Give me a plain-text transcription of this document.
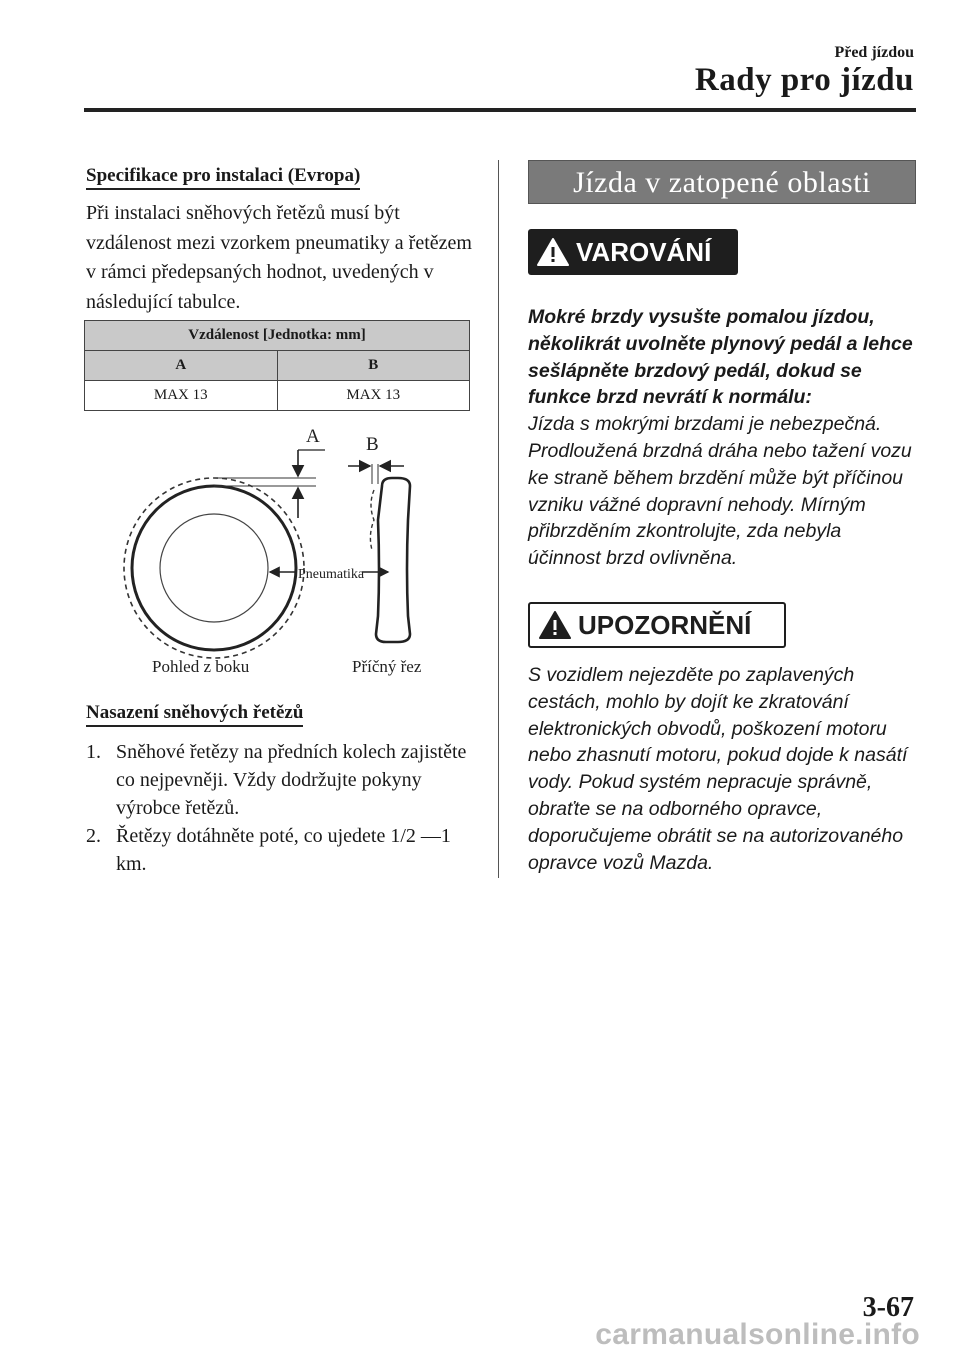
Před jízdou
Rady pro jízdu
Specifikace pro instalaci (Evropa)
Při instalaci sněhových řetězů musí být vzdálenost mezi vzorkem pneumatiky a řetězem v rámci předepsaných hodnot, uvedených v následující tabulce.
Vzdálenost [Jednotka: mm]	
A	B
MAX 13	MAX 13
A
Pneumatika
B
Pohled z boku	Příčný řez
Nasazení sněhových řetězů
1. Sněhové řetězy na předních kolech zajistěte co nejpevněji. Vždy dodržujte pokyny výrobce řetězů.
2. Řetězy dotáhněte poté, co ujedete 1/2 ―1 km.
Jízda v zatopené oblasti
VAROVÁNÍ
Mokré brzdy vysušte pomalou jízdou, několikrát uvolněte plynový pedál a lehce sešlápněte brzdový pedál, dokud se funkce brzd nevrátí k normálu:
Jízda s mokrými brzdami je nebezpečná. Prodloužená brzdná dráha nebo tažení vozu ke straně během brzdění může být příčinou vzniku vážné dopravní nehody. Mírným přibrzděním zkontrolujte, zda nebyla účinnost brzd ovlivněna.
UPOZORNĚNÍ
S vozidlem nejezděte po zaplavených cestách, mohlo by dojít ke zkratování elektronických obvodů, poškození motoru nebo zhasnutí motoru, pokud dojde k nasátí vody. Pokud systém nepracuje správně, obraťte se na odborného opravce, doporučujeme obrátit se na autorizovaného opravce vozů Mazda.
3-67
carmanualsonline.info
